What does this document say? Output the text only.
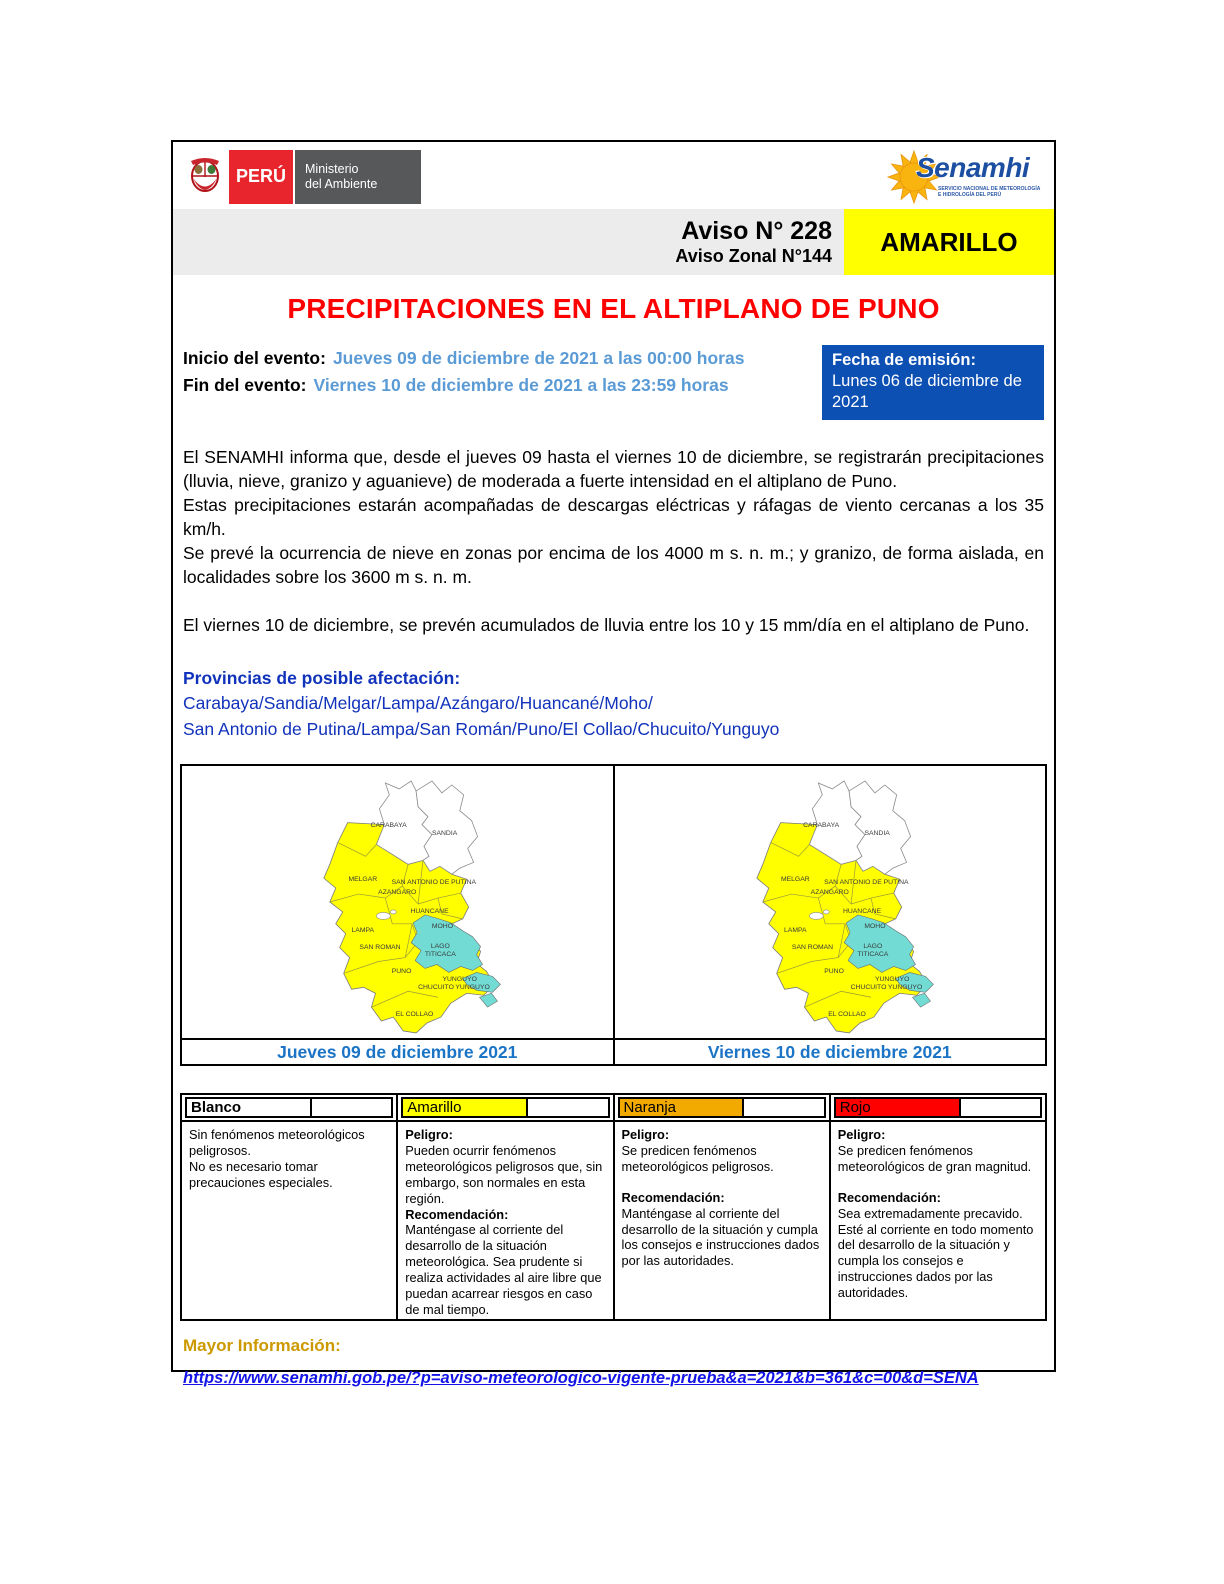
PERÚ Ministerio
del Ambiente
Senamhi
SERVICIO NACIONAL DE METEOROLOGÍA
E HIDROLOGÍA DEL PERÚ
Aviso N° 228
Aviso Zonal N°144 AMARILLO
PRECIPITACIONES EN EL ALTIPLANO DE PUNO
Inicio del evento: Jueves 09 de diciembre de 2021 a las 00:00 horas
Fin del evento: Viernes 10 de diciembre de 2021 a las 23:59 horas
Fecha de emisión:
Lunes 06 de diciembre de 2021

El SENAMHI informa que, desde el jueves 09 hasta el viernes 10 de diciembre, se registrarán precipitaciones (lluvia, nieve, granizo y aguanieve) de moderada a fuerte intensidad en el altiplano de Puno.

Estas precipitaciones estarán acompañadas de descargas eléctricas y ráfagas de viento cercanas a los 35 km/h.

Se prevé la ocurrencia de nieve en zonas por encima de los 4000 m s. n. m.; y granizo, de forma aislada, en localidades sobre los 3600 m s. n. m.

El viernes 10 de diciembre, se prevén acumulados de lluvia entre los 10 y 15 mm/día en el altiplano de Puno.

Provincias de posible afectación:
Carabaya/Sandia/Melgar/Lampa/Azángaro/Huancané/Moho/
San Antonio de Putina/Lampa/San Román/Puno/El Collao/Chucuito/Yunguyo
CARABAYA
SANDIA
MELGAR SAN ANTONIO DE PUTINA
AZANGARO
HUANCANE
MOHO
LAMPA
SAN ROMAN	LAGO TITICACA
PUNO
YUNGUYO
CHUCUITO YUNGUYO
EL COLLAO
Jueves 09 de diciembre 2021
CARABAYA
SANDIA
MELGAR SAN ANTONIO DE PUTINA
AZANGARO
HUANCANE
MOHO
LAMPA
SAN ROMAN	LAGO TITICACA
PUNO
YUNGUYO
CHUCUITO YUNGUYO
EL COLLAO
Viernes 10 de diciembre 2021
Blanco
Sin fenómenos meteorológicos peligrosos.
No es necesario tomar precauciones especiales.
Amarillo
Peligro:
Pueden ocurrir fenómenos meteorológicos peligrosos que, sin embargo, son normales en esta región.
Recomendación:
Manténgase al corriente del desarrollo de la situación meteorológica. Sea prudente si realiza actividades al aire libre que puedan acarrear riesgos en caso de mal tiempo.
Naranja
Peligro:
Se predicen fenómenos meteorológicos peligrosos.
Recomendación:
Manténgase al corriente del desarrollo de la situación y cumpla los consejos e instrucciones dados por las autoridades.
Rojo
Peligro:
Se predicen fenómenos meteorológicos de gran magnitud.
Recomendación:
Sea extremadamente precavido. Esté al corriente en todo momento del desarrollo de la situación y cumpla los consejos e instrucciones dados por las autoridades.
Mayor Información:
https://www.senamhi.gob.pe/?p=aviso-meteorologico-vigente-prueba&a=2021&b=361&c=00&d=SENA
